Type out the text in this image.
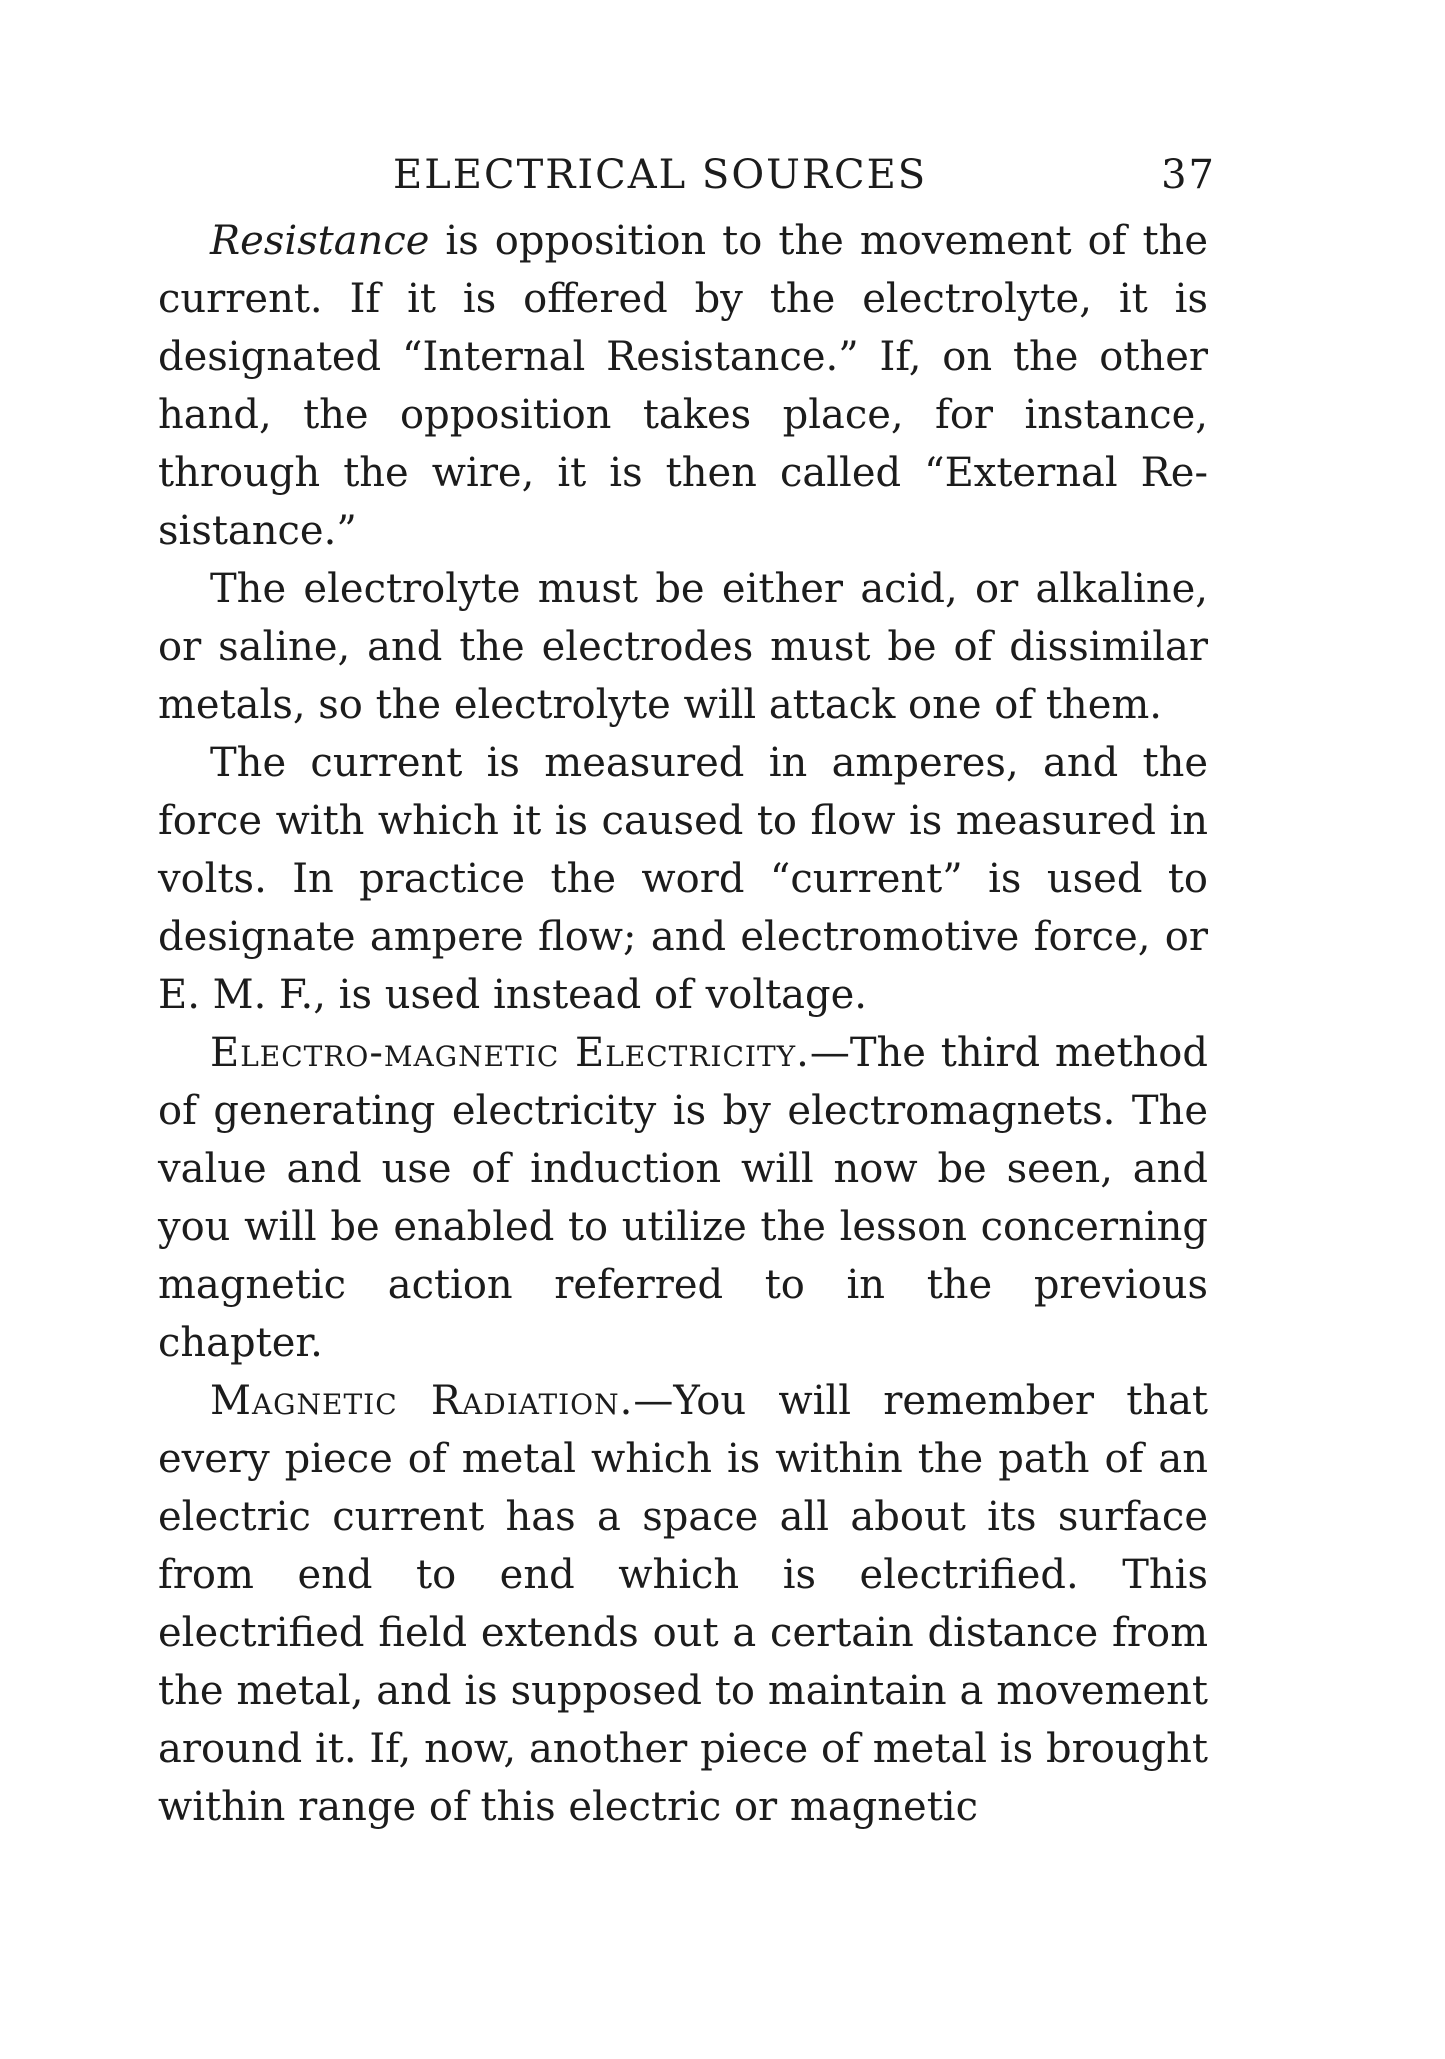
ELECTRICAL SOURCES	37

Resistance is opposition to the movement of the current. If it is offered by the electrolyte, it is designated “Internal Resistance.” If, on the other hand, the opposition takes place, for instance, through the wire, it is then called “External Resistance.”

The electrolyte must be either acid, or alkaline, or saline, and the electrodes must be of dissimilar metals, so the electrolyte will attack one of them.

The current is measured in amperes, and the force with which it is caused to flow is measured in volts. In practice the word “current” is used to designate ampere flow; and electromotive force, or E. M. F., is used instead of voltage.

Electro-magnetic Electricity.—The third method of generating electricity is by electromagnets. The value and use of induction will now be seen, and you will be enabled to utilize the lesson concerning magnetic action referred to in the previous chapter.

Magnetic Radiation.—You will remember that every piece of metal which is within the path of an electric current has a space all about its surface from end to end which is electrified. This electrified field extends out a certain distance from the metal, and is supposed to maintain a movement around it. If, now, another piece of metal is brought within range of this electric or magnetic
